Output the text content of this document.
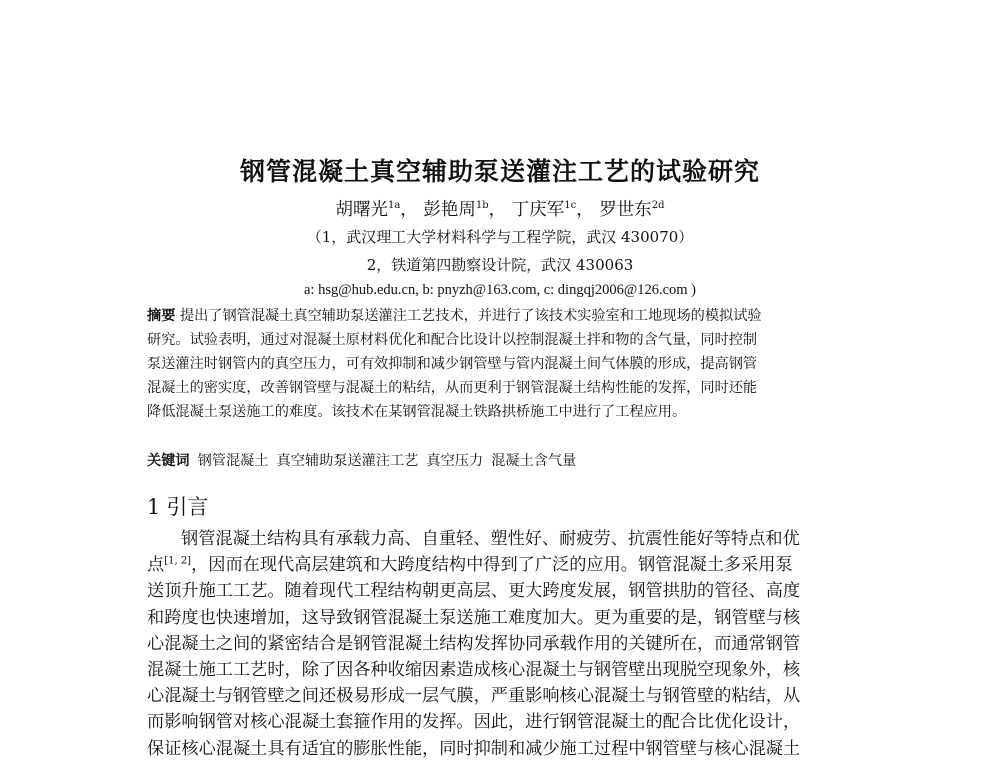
钢管混凝土真空辅助泵送灌注工艺的试验研究
胡曙光$^{1a}$， 彭艳周$^{1b}$， 丁庆军$^{1c}$， 罗世东$^{2d}$
（1，武汉理工大学材料科学与工程学院，武汉 430070）
2，铁道第四勘察设计院，武汉 430063
a: hsg@hub.edu.cn, b: pnyzh@163.com, c: dingqj2006@126.com )
摘要 提出了钢管混凝土真空辅助泵送灌注工艺技术，并进行了该技术实验室和工地现场的模拟试验
研究。试验表明，通过对混凝土原材料优化和配合比设计以控制混凝土拌和物的含气量，同时控制
泵送灌注时钢管内的真空压力，可有效抑制和减少钢管壁与管内混凝土间气体膜的形成，提高钢管
混凝土的密实度，改善钢管壁与混凝土的粘结，从而更利于钢管混凝土结构性能的发挥，同时还能
降低混凝土泵送施工的难度。该技术在某钢管混凝土铁路拱桥施工中进行了工程应用。
关键词 钢管混凝土 真空辅助泵送灌注工艺 真空压力 混凝土含气量
1 引言
钢管混凝土结构具有承载力高、自重轻、塑性好、耐疲劳、抗震性能好等特点和优
点[1, 2]，因而在现代高层建筑和大跨度结构中得到了广泛的应用。钢管混凝土多采用泵
送顶升施工工艺。随着现代工程结构朝更高层、更大跨度发展，钢管拱肋的管径、高度
和跨度也快速增加，这导致钢管混凝土泵送施工难度加大。更为重要的是，钢管壁与核
心混凝土之间的紧密结合是钢管混凝土结构发挥协同承载作用的关键所在，而通常钢管
混凝土施工工艺时，除了因各种收缩因素造成核心混凝土与钢管壁出现脱空现象外，核
心混凝土与钢管壁之间还极易形成一层气膜，严重影响核心混凝土与钢管壁的粘结，从
而影响钢管对核心混凝土套箍作用的发挥。因此，进行钢管混凝土的配合比优化设计，
保证核心混凝土具有适宜的膨胀性能，同时抑制和减少施工过程中钢管壁与核心混凝土
